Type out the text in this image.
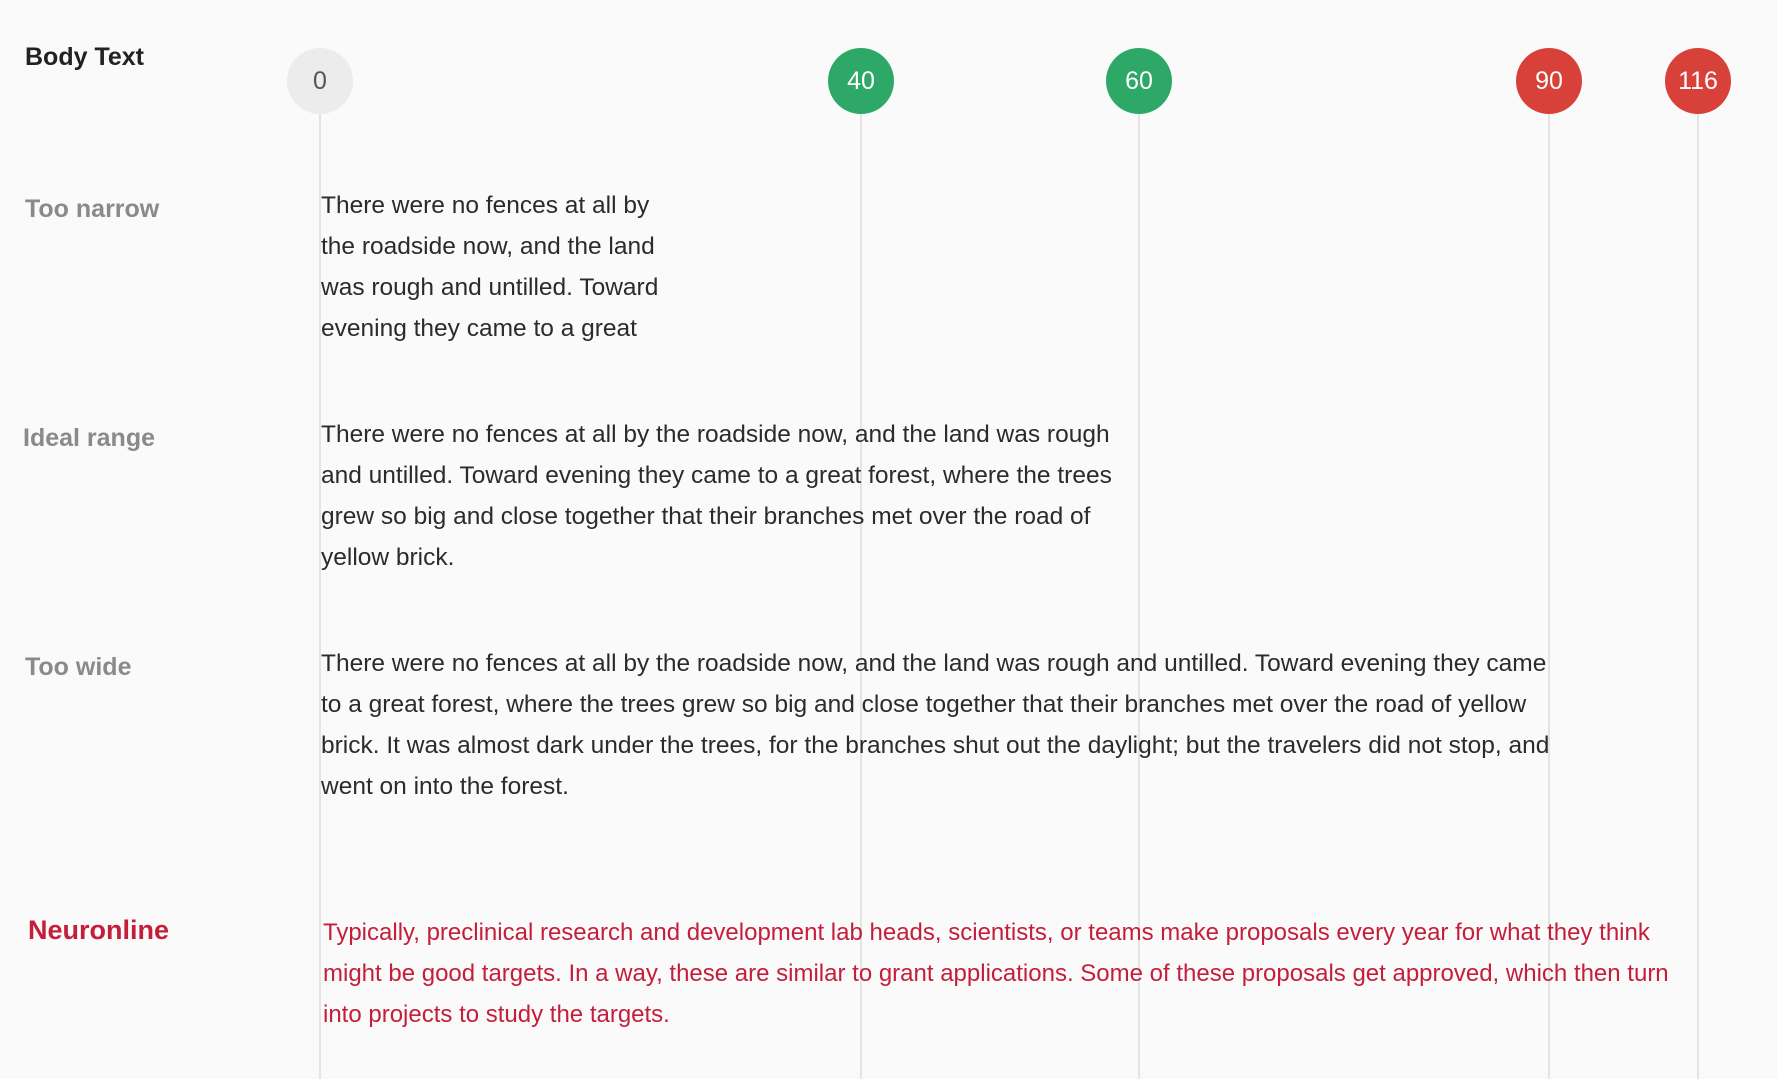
Body Text
0	40	60	90	116
Too narrow	There were no fences at all by
the roadside now, and the land
was rough and untilled. Toward
evening they came to a great
Ideal range	There were no fences at all by the roadside now, and the land was rough
and untilled. Toward evening they came to a great forest, where the trees
grew so big and close together that their branches met over the road of
yellow brick.
Too wide	There were no fences at all by the roadside now, and the land was rough and untilled. Toward evening they came
to a great forest, where the trees grew so big and close together that their branches met over the road of yellow
brick. It was almost dark under the trees, for the branches shut out the daylight; but the travelers did not stop, and
went on into the forest.
Neuronline	Typically, preclinical research and development lab heads, scientists, or teams make proposals every year for what they think
might be good targets. In a way, these are similar to grant applications. Some of these proposals get approved, which then turn
into projects to study the targets.
